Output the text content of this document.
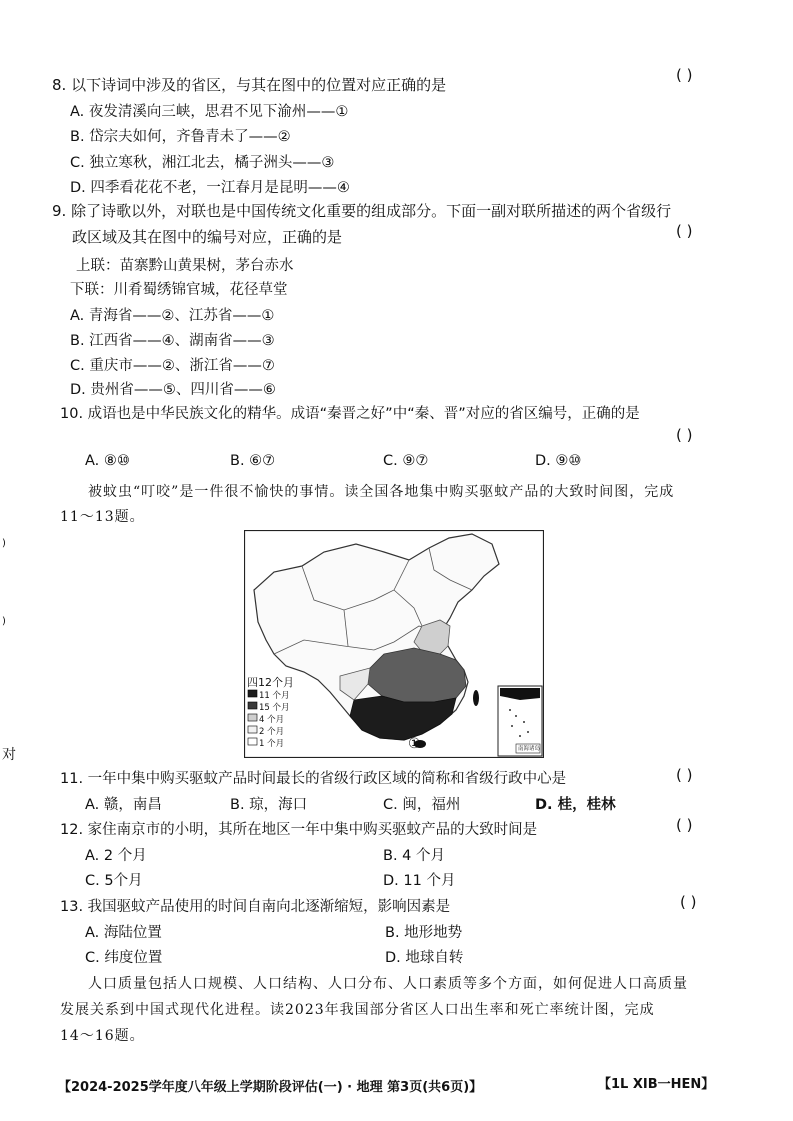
8. 以下诗词中涉及的省区，与其在图中的位置对应正确的是
( )
A. 夜发清溪向三峡，思君不见下渝州——①
B. 岱宗夫如何，齐鲁青未了——②
C. 独立寒秋，湘江北去，橘子洲头——③
D. 四季看花花不老，一江春月是昆明——④
9. 除了诗歌以外，对联也是中国传统文化重要的组成部分。下面一副对联所描述的两个省级行
政区域及其在图中的编号对应，正确的是	( )
上联：苗寨黔山黄果树，茅台赤水
下联：川肴蜀绣锦官城，花径草堂
A. 青海省——②、江苏省——①
B. 江西省——④、湖南省——③
C. 重庆市——②、浙江省——⑦
D. 贵州省——⑤、四川省——⑥
10. 成语也是中华民族文化的精华。成语“秦晋之好”中“秦、晋”对应的省区编号，正确的是
( )
A. ⑧⑩	B. ⑥⑦	C. ⑨⑦	D. ⑨⑩
被蚊虫“叮咬”是一件很不愉快的事情。读全国各地集中购买驱蚊产品的大致时间图，完成
11～13题。
)
)
对
四12个月
11 个月
15 个月
4 个月
2 个月
1 个月	①	南海诸岛
11. 一年中集中购买驱蚊产品时间最长的省级行政区域的简称和省级行政中心是	( )
A. 赣，南昌	B. 琼，海口	C. 闽，福州	D. 桂，桂林
12. 家住南京市的小明，其所在地区一年中集中购买驱蚊产品的大致时间是	( )
A. 2 个月	B. 4 个月
C. 5个月	D. 11 个月
13. 我国驱蚊产品使用的时间自南向北逐渐缩短，影响因素是	( )
A. 海陆位置	B. 地形地势
C. 纬度位置	D. 地球自转
人口质量包括人口规模、人口结构、人口分布、人口素质等多个方面，如何促进人口高质量
发展关系到中国式现代化进程。读2023年我国部分省区人口出生率和死亡率统计图，完成
14～16题。
【2024-2025学年度八年级上学期阶段评估(一) · 地理 第3页(共6页)】	【1L XIB一HEN】
